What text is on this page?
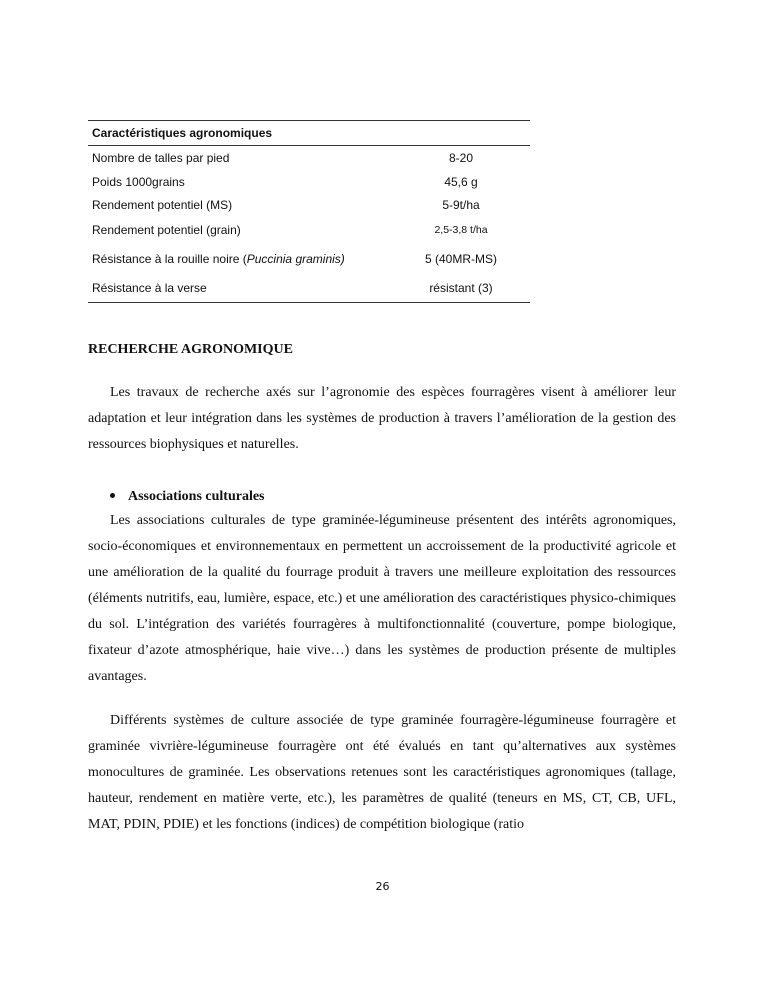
Caractéristiques agronomiques
Nombre de talles par pied	8-20
Poids 1000grains	45,6 g
Rendement potentiel (MS)	5-9t/ha
Rendement potentiel (grain)	2,5-3,8 t/ha
Résistance à la rouille noire (Puccinia graminis)	5 (40MR-MS)
Résistance à la verse	résistant (3)
RECHERCHE AGRONOMIQUE

Les travaux de recherche axés sur l’agronomie des espèces fourragères visent à améliorer leur adaptation et leur intégration dans les systèmes de production à travers l’amélioration de la gestion des ressources biophysiques et naturelles.

Associations culturales

Les associations culturales de type graminée-légumineuse présentent des intérêts agronomiques, socio-économiques et environnementaux en permettent un accroissement de la productivité agricole et une amélioration de la qualité du fourrage produit à travers une meilleure exploitation des ressources (éléments nutritifs, eau, lumière, espace, etc.) et une amélioration des caractéristiques physico-chimiques du sol. L’intégration des variétés fourragères à multifonctionnalité (couverture, pompe biologique, fixateur d’azote atmosphérique, haie vive…) dans les systèmes de production présente de multiples avantages.

Différents systèmes de culture associée de type graminée fourragère-légumineuse fourragère et graminée vivrière-légumineuse fourragère ont été évalués en tant qu’alternatives aux systèmes monocultures de graminée. Les observations retenues sont les caractéristiques agronomiques (tallage, hauteur, rendement en matière verte, etc.), les paramètres de qualité (teneurs en MS, CT, CB, UFL, MAT, PDIN, PDIE) et les fonctions (indices) de compétition biologique (ratio

26
